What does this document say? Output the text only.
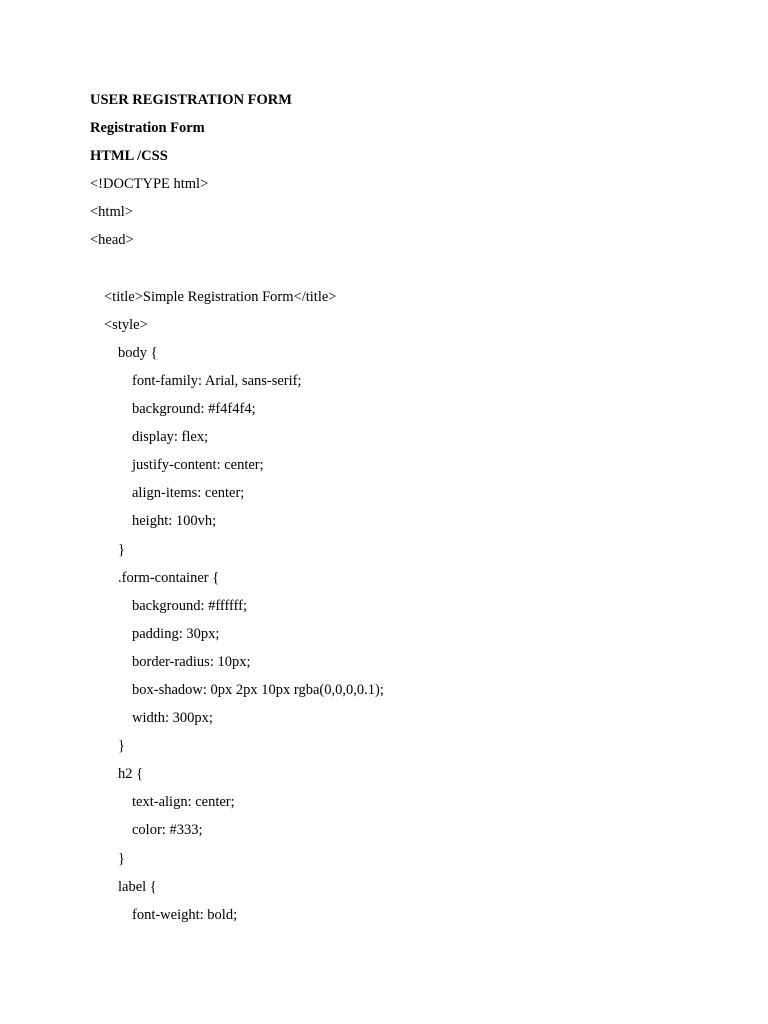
USER REGISTRATION FORM
Registration Form
HTML /CSS
<!DOCTYPE html>
<html>
<head>
<title>Simple Registration Form</title>
<style>
body {
font-family: Arial, sans-serif;
background: #f4f4f4;
display: flex;
justify-content: center;
align-items: center;
height: 100vh;
}
.form-container {
background: #ffffff;
padding: 30px;
border-radius: 10px;
box-shadow: 0px 2px 10px rgba(0,0,0,0.1);
width: 300px;
}
h2 {
text-align: center;
color: #333;
}
label {
font-weight: bold;
